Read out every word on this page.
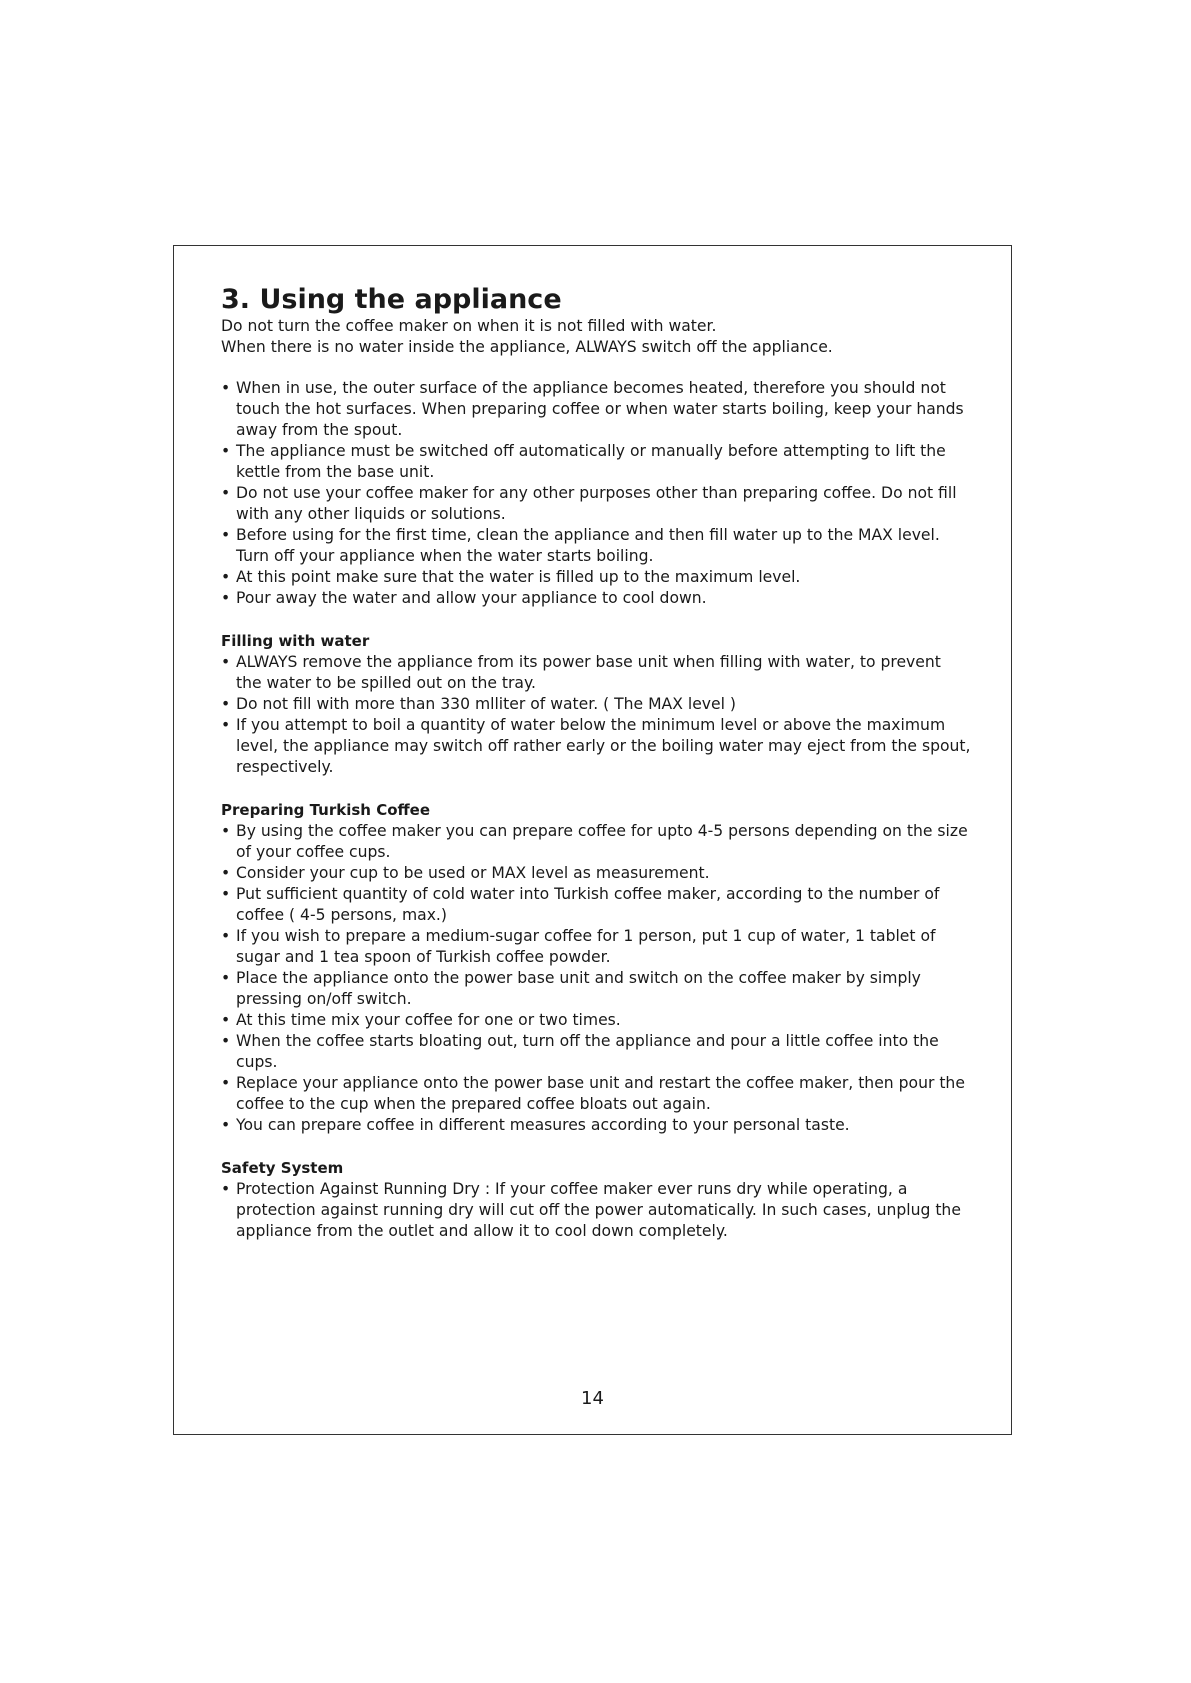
3. Using the appliance

Do not turn the coffee maker on when it is not filled with water.

When there is no water inside the appliance, ALWAYS switch off the appliance.

• When in use, the outer surface of the appliance becomes heated, therefore you should not touch the hot surfaces. When preparing coffee or when water starts boiling, keep your hands away from the spout.
• The appliance must be switched off automatically or manually before attempting to lift the kettle from the base unit.
• Do not use your coffee maker for any other purposes other than preparing coffee. Do not fill with any other liquids or solutions.
• Before using for the first time, clean the appliance and then fill water up to the MAX level. Turn off your appliance when the water starts boiling.
• At this point make sure that the water is filled up to the maximum level.
• Pour away the water and allow your appliance to cool down.
Filling with water
• ALWAYS remove the appliance from its power base unit when filling with water, to prevent the water to be spilled out on the tray.
• Do not fill with more than 330 mlliter of water. ( The MAX level )
• If you attempt to boil a quantity of water below the minimum level or above the maximum level, the appliance may switch off rather early or the boiling water may eject from the spout, respectively.
Preparing Turkish Coffee
• By using the coffee maker you can prepare coffee for upto 4-5 persons depending on the size of your coffee cups.
• Consider your cup to be used or MAX level as measurement.
• Put sufficient quantity of cold water into Turkish coffee maker, according to the number of coffee ( 4-5 persons, max.)
• If you wish to prepare a medium-sugar coffee for 1 person, put 1 cup of water, 1 tablet of sugar and 1 tea spoon of Turkish coffee powder.
• Place the appliance onto the power base unit and switch on the coffee maker by simply pressing on/off switch.
• At this time mix your coffee for one or two times.
• When the coffee starts bloating out, turn off the appliance and pour a little coffee into the cups.
• Replace your appliance onto the power base unit and restart the coffee maker, then pour the coffee to the cup when the prepared coffee bloats out again.
• You can prepare coffee in different measures according to your personal taste.
Safety System
• Protection Against Running Dry : If your coffee maker ever runs dry while operating, a protection against running dry will cut off the power automatically. In such cases, unplug the appliance from the outlet and allow it to cool down completely.
14
